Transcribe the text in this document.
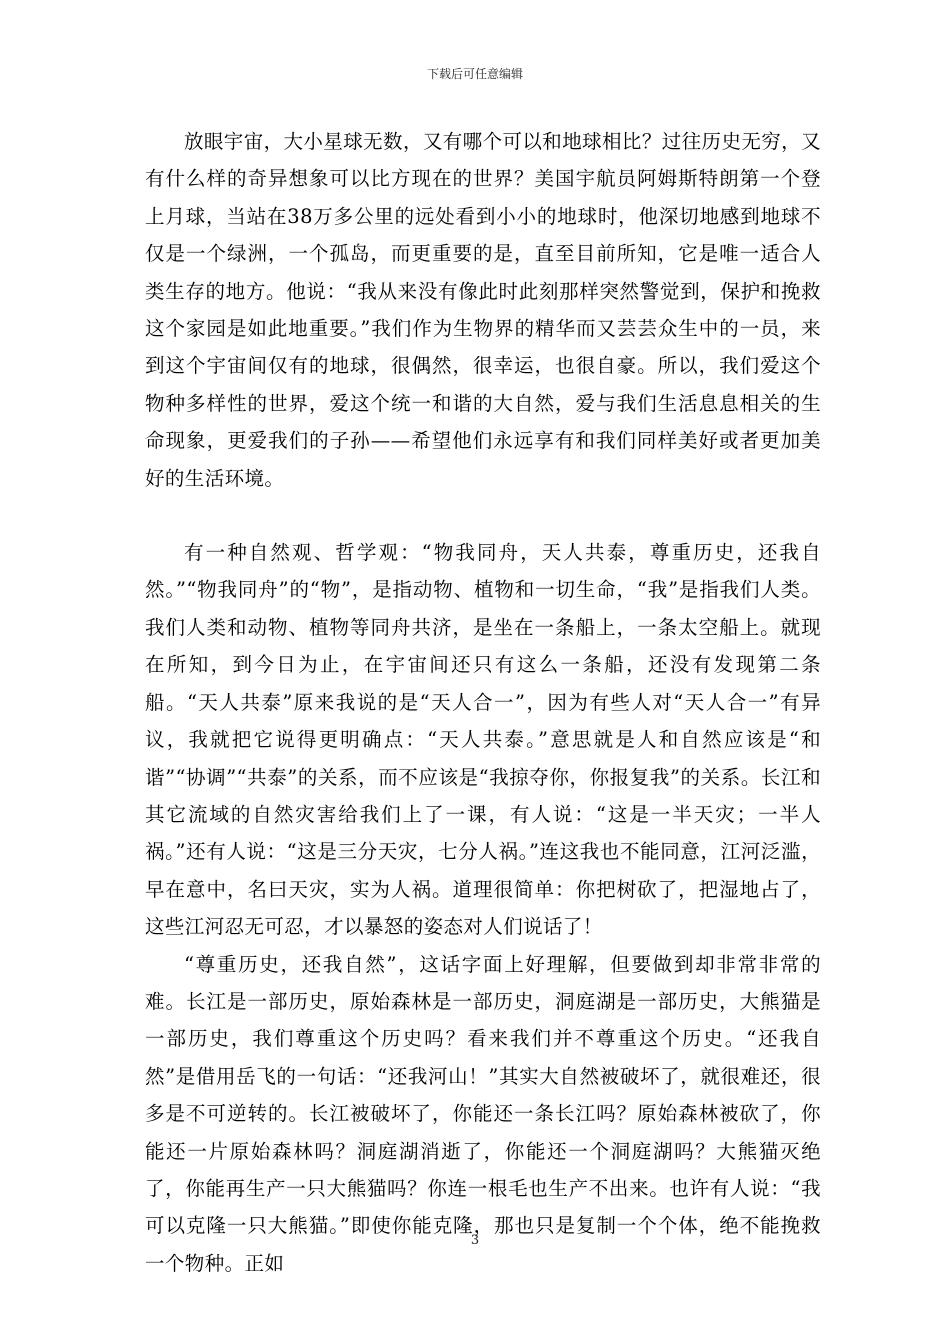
下载后可任意编辑

放眼宇宙，大小星球无数，又有哪个可以和地球相比？过往历史无穷，又有什么样的奇异想象可以比方现在的世界？美国宇航员阿姆斯特朗第一个登上月球，当站在38万多公里的远处看到小小的地球时，他深切地感到地球不仅是一个绿洲，一个孤岛，而更重要的是，直至目前所知，它是唯一适合人类生存的地方。他说：“我从来没有像此时此刻那样突然警觉到，保护和挽救这个家园是如此地重要。”我们作为生物界的精华而又芸芸众生中的一员，来到这个宇宙间仅有的地球，很偶然，很幸运，也很自豪。所以，我们爱这个物种多样性的世界，爱这个统一和谐的大自然，爱与我们生活息息相关的生命现象，更爱我们的子孙——希望他们永远享有和我们同样美好或者更加美好的生活环境。

有一种自然观、哲学观：“物我同舟，天人共泰，尊重历史，还我自然。”“物我同舟”的“物”，是指动物、植物和一切生命，“我”是指我们人类。我们人类和动物、植物等同舟共济，是坐在一条船上，一条太空船上。就现在所知，到今日为止，在宇宙间还只有这么一条船，还没有发现第二条船。“天人共泰”原来我说的是“天人合一”，因为有些人对“天人合一”有异议，我就把它说得更明确点：“天人共泰。”意思就是人和自然应该是“和谐”“协调”“共泰”的关系，而不应该是“我掠夺你，你报复我”的关系。长江和其它流域的自然灾害给我们上了一课，有人说：“这是一半天灾；一半人祸。”还有人说：“这是三分天灾，七分人祸。”连这我也不能同意，江河泛滥，早在意中，名曰天灾，实为人祸。道理很简单：你把树砍了，把湿地占了，这些江河忍无可忍，才以暴怒的姿态对人们说话了！

“尊重历史，还我自然”，这话字面上好理解，但要做到却非常非常的难。长江是一部历史，原始森林是一部历史，洞庭湖是一部历史，大熊猫是一部历史，我们尊重这个历史吗？看来我们并不尊重这个历史。“还我自然”是借用岳飞的一句话：“还我河山！”其实大自然被破坏了，就很难还，很多是不可逆转的。长江被破坏了，你能还一条长江吗？原始森林被砍了，你能还一片原始森林吗？洞庭湖消逝了，你能还一个洞庭湖吗？大熊猫灭绝了，你能再生产一只大熊猫吗？你连一根毛也生产不出来。也许有人说：“我可以克隆一只大熊猫。”即使你能克隆，那也只是复制一个个体，绝不能挽救一个物种。正如

3
